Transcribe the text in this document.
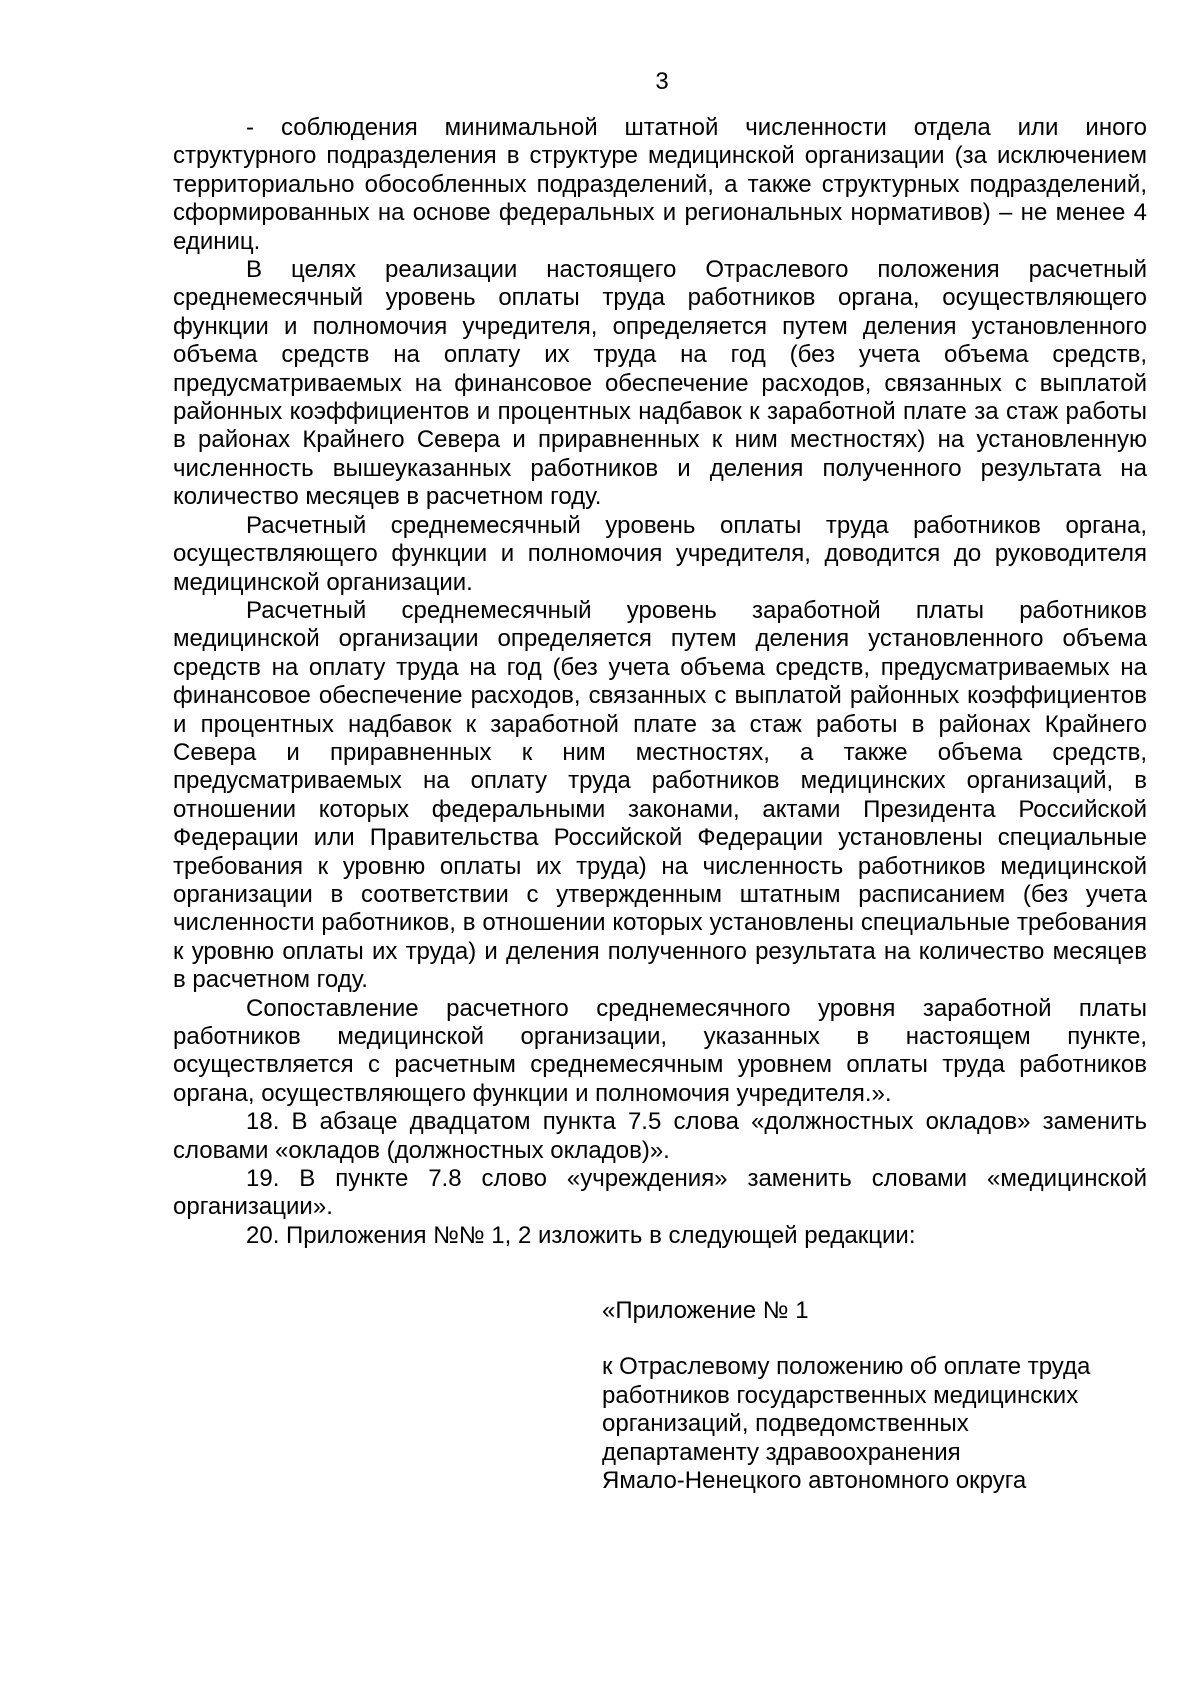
3

- соблюдения минимальной штатной численности отдела или иного структурного подразделения в структуре медицинской организации (за исключением территориально обособленных подразделений, а также структурных подразделений, сформированных на основе федеральных и региональных нормативов) – не менее 4 единиц.

В целях реализации настоящего Отраслевого положения расчетный среднемесячный уровень оплаты труда работников органа, осуществляющего функции и полномочия учредителя, определяется путем деления установленного объема средств на оплату их труда на год (без учета объема средств, предусматриваемых на финансовое обеспечение расходов, связанных с выплатой районных коэффициентов и процентных надбавок к заработной плате за стаж работы в районах Крайнего Севера и приравненных к ним местностях) на установленную численность вышеуказанных работников и деления полученного результата на количество месяцев в расчетном году.

Расчетный среднемесячный уровень оплаты труда работников органа, осуществляющего функции и полномочия учредителя, доводится до руководителя медицинской организации.

Расчетный среднемесячный уровень заработной платы работников медицинской организации определяется путем деления установленного объема средств на оплату труда на год (без учета объема средств, предусматриваемых на финансовое обеспечение расходов, связанных с выплатой районных коэффициентов и процентных надбавок к заработной плате за стаж работы в районах Крайнего Севера и приравненных к ним местностях, а также объема средств, предусматриваемых на оплату труда работников медицинских организаций, в отношении которых федеральными законами, актами Президента Российской Федерации или Правительства Российской Федерации установлены специальные требования к уровню оплаты их труда) на численность работников медицинской организации в соответствии с утвержденным штатным расписанием (без учета численности работников, в отношении которых установлены специальные требования к уровню оплаты их труда) и деления полученного результата на количество месяцев в расчетном году.

Сопоставление расчетного среднемесячного уровня заработной платы работников медицинской организации, указанных в настоящем пункте, осуществляется с расчетным среднемесячным уровнем оплаты труда работников органа, осуществляющего функции и полномочия учредителя.».

18. В абзаце двадцатом пункта 7.5 слова «должностных окладов» заменить словами «окладов (должностных окладов)».

19. В пункте 7.8 слово «учреждения» заменить словами «медицинской организации».

20. Приложения №№ 1, 2 изложить в следующей редакции:

«Приложение № 1

к Отраслевому положению об оплате труда
работников государственных медицинских
организаций, подведомственных
департаменту здравоохранения
Ямало-Ненецкого автономного округа
